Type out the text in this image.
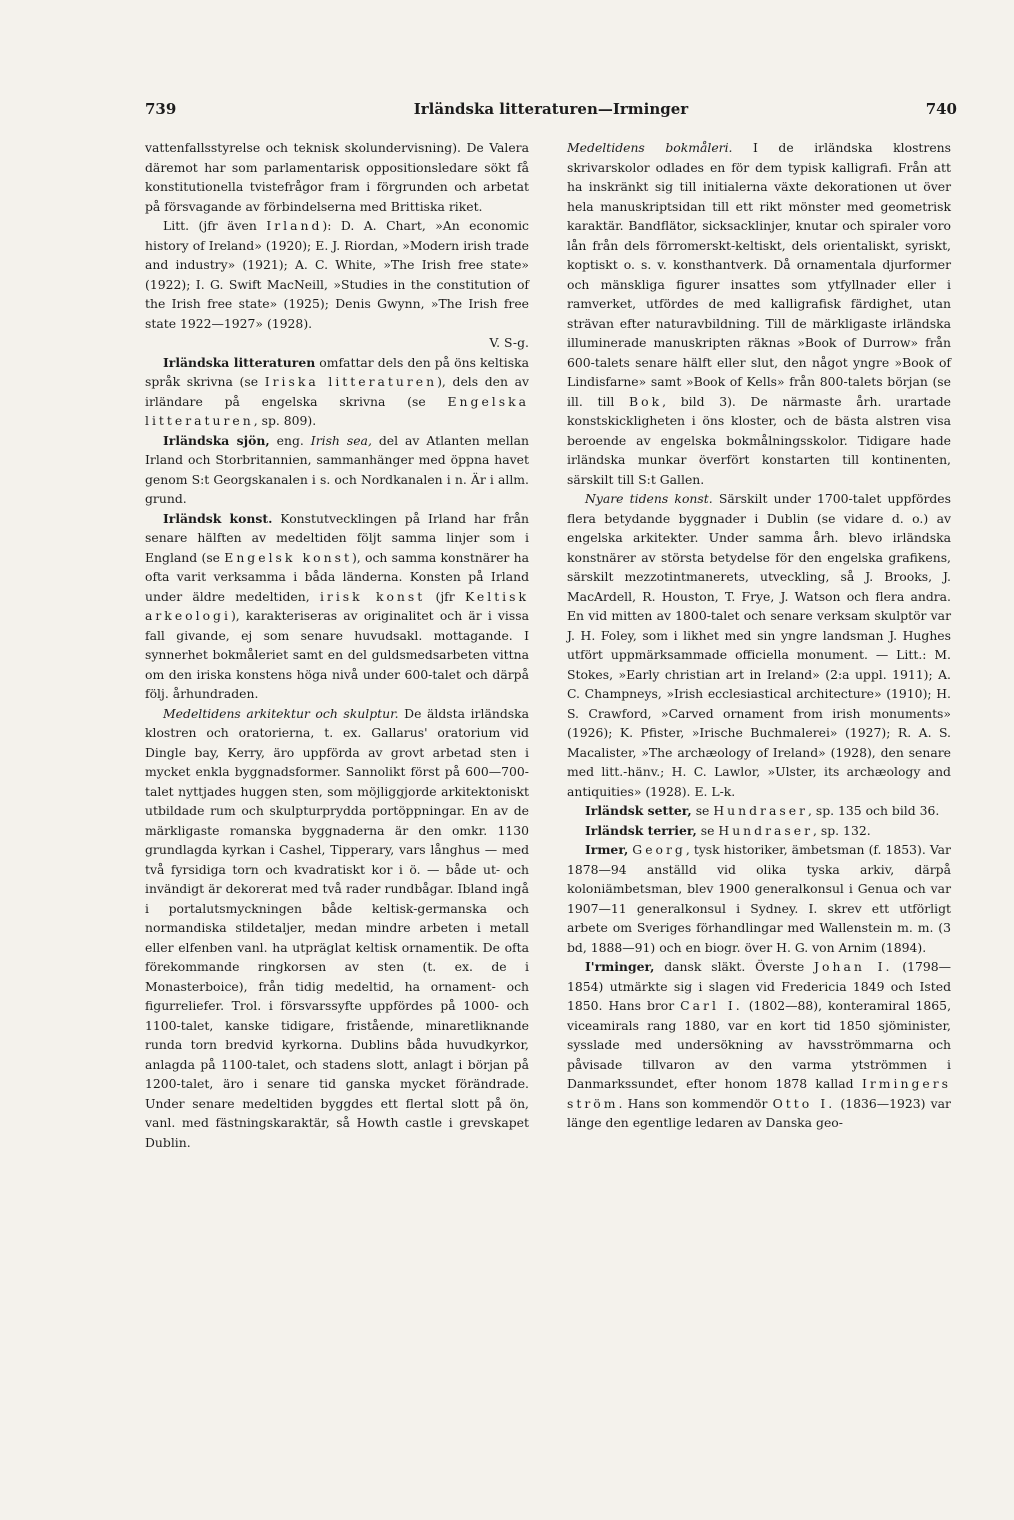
739	Irländska litteraturen—Irminger	740

vattenfallsstyrelse och teknisk skolundervisning). De Valera däremot har som parlamentarisk oppositionsledare sökt få konstitutionella tvistefrågor fram i förgrunden och arbetat på försvagande av förbindelserna med Brittiska riket.

Litt. (jfr även Irland): D. A. Chart, »An economic history of Ireland» (1920); E. J. Riordan, »Modern irish trade and industry» (1921); A. C. White, »The Irish free state» (1922); I. G. Swift MacNeill, »Studies in the constitution of the Irish free state» (1925); Denis Gwynn, »The Irish free state 1922—1927» (1928).

V. S-g.

Irländska litteraturen omfattar dels den på öns keltiska språk skrivna (se Iriska litteraturen), dels den av irländare på engelska skrivna (se Engelska litteraturen, sp. 809).

Irländska sjön, eng. Irish sea, del av Atlanten mellan Irland och Storbritannien, sammanhänger med öppna havet genom S:t Georgskanalen i s. och Nordkanalen i n. Är i allm. grund.

Irländsk konst. Konstutvecklingen på Irland har från senare hälften av medeltiden följt samma linjer som i England (se Engelsk konst), och samma konstnärer ha ofta varit verksamma i båda länderna. Konsten på Irland under äldre medeltiden, irisk konst (jfr Keltisk arkeologi), karakteriseras av originalitet och är i vissa fall givande, ej som senare huvudsakl. mottagande. I synnerhet bokmåleriet samt en del guldsmedsarbeten vittna om den iriska konstens höga nivå under 600-talet och därpå följ. århundraden.

Medeltidens arkitektur och skulptur. De äldsta irländska klostren och oratorierna, t. ex. Gallarus' oratorium vid Dingle bay, Kerry, äro uppförda av grovt arbetad sten i mycket enkla byggnadsformer. Sannolikt först på 600—700-talet nyttjades huggen sten, som möjliggjorde arkitektoniskt utbildade rum och skulpturprydda portöppningar. En av de märkligaste romanska byggnaderna är den omkr. 1130 grundlagda kyrkan i Cashel, Tipperary, vars långhus — med två fyrsidiga torn och kvadratiskt kor i ö. — både ut- och invändigt är dekorerat med två rader rundbågar. Ibland ingå i portalutsmyckningen både keltisk-germanska och normandiska stildetaljer, medan mindre arbeten i metall eller elfenben vanl. ha utpräglat keltisk ornamentik. De ofta förekommande ringkorsen av sten (t. ex. de i Monasterboice), från tidig medeltid, ha ornament- och figurreliefer. Trol. i försvarssyfte uppfördes på 1000- och 1100-talet, kanske tidigare, fristående, minaretliknande runda torn bredvid kyrkorna. Dublins båda huvudkyrkor, anlagda på 1100-talet, och stadens slott, anlagt i början på 1200-talet, äro i senare tid ganska mycket förändrade. Under senare medeltiden byggdes ett flertal slott på ön, vanl. med fästningskaraktär, så Howth castle i grevskapet Dublin.

Medeltidens bokmåleri. I de irländska klostrens skrivarskolor odlades en för dem typisk kalligrafi. Från att ha inskränkt sig till initialerna växte dekorationen ut över hela manuskriptsidan till ett rikt mönster med geometrisk karaktär. Bandflätor, sicksacklinjer, knutar och spiraler voro lån från dels förromerskt-keltiskt, dels orientaliskt, syriskt, koptiskt o. s. v. konsthantverk. Då ornamentala djurformer och mänskliga figurer insattes som ytfyllnader eller i ramverket, utfördes de med kalligrafisk färdighet, utan strävan efter naturavbildning. Till de märkligaste irländska illuminerade manuskripten räknas »Book of Durrow» från 600-talets senare hälft eller slut, den något yngre »Book of Lindisfarne» samt »Book of Kells» från 800-talets början (se ill. till Bok, bild 3). De närmaste årh. urartade konstskickligheten i öns kloster, och de bästa alstren visa beroende av engelska bokmålningsskolor. Tidigare hade irländska munkar överfört konstarten till kontinenten, särskilt till S:t Gallen.

Nyare tidens konst. Särskilt under 1700-talet uppfördes flera betydande byggnader i Dublin (se vidare d. o.) av engelska arkitekter. Under samma årh. blevo irländska konstnärer av största betydelse för den engelska grafikens, särskilt mezzotintmanerets, utveckling, så J. Brooks, J. MacArdell, R. Houston, T. Frye, J. Watson och flera andra. En vid mitten av 1800-talet och senare verksam skulptör var J. H. Foley, som i likhet med sin yngre landsman J. Hughes utfört uppmärksammade officiella monument. — Litt.: M. Stokes, »Early christian art in Ireland» (2:a uppl. 1911); A. C. Champneys, »Irish ecclesiastical architecture» (1910); H. S. Crawford, »Carved ornament from irish monuments» (1926); K. Pfister, »Irische Buchmalerei» (1927); R. A. S. Macalister, »The archæology of Ireland» (1928), den senare med litt.-hänv.; H. C. Lawlor, »Ulster, its archæology and antiquities» (1928). E. L-k.

Irländsk setter, se Hundraser, sp. 135 och bild 36.

Irländsk terrier, se Hundraser, sp. 132.

Irmer, Georg, tysk historiker, ämbetsman (f. 1853). Var 1878—94 anställd vid olika tyska arkiv, därpå koloniämbetsman, blev 1900 generalkonsul i Genua och var 1907—11 generalkonsul i Sydney. I. skrev ett utförligt arbete om Sveriges förhandlingar med Wallenstein m. m. (3 bd, 1888—91) och en biogr. över H. G. von Arnim (1894).

I'rminger, dansk släkt. Överste Johan I. (1798—1854) utmärkte sig i slagen vid Fredericia 1849 och Isted 1850. Hans bror Carl I. (1802—88), konteramiral 1865, viceamirals rang 1880, var en kort tid 1850 sjöminister, sysslade med undersökning av havsströmmarna och påvisade tillvaron av den varma ytströmmen i Danmarkssundet, efter honom 1878 kallad Irmingers ström. Hans son kommendör Otto I. (1836—1923) var länge den egentlige ledaren av Danska geo-
